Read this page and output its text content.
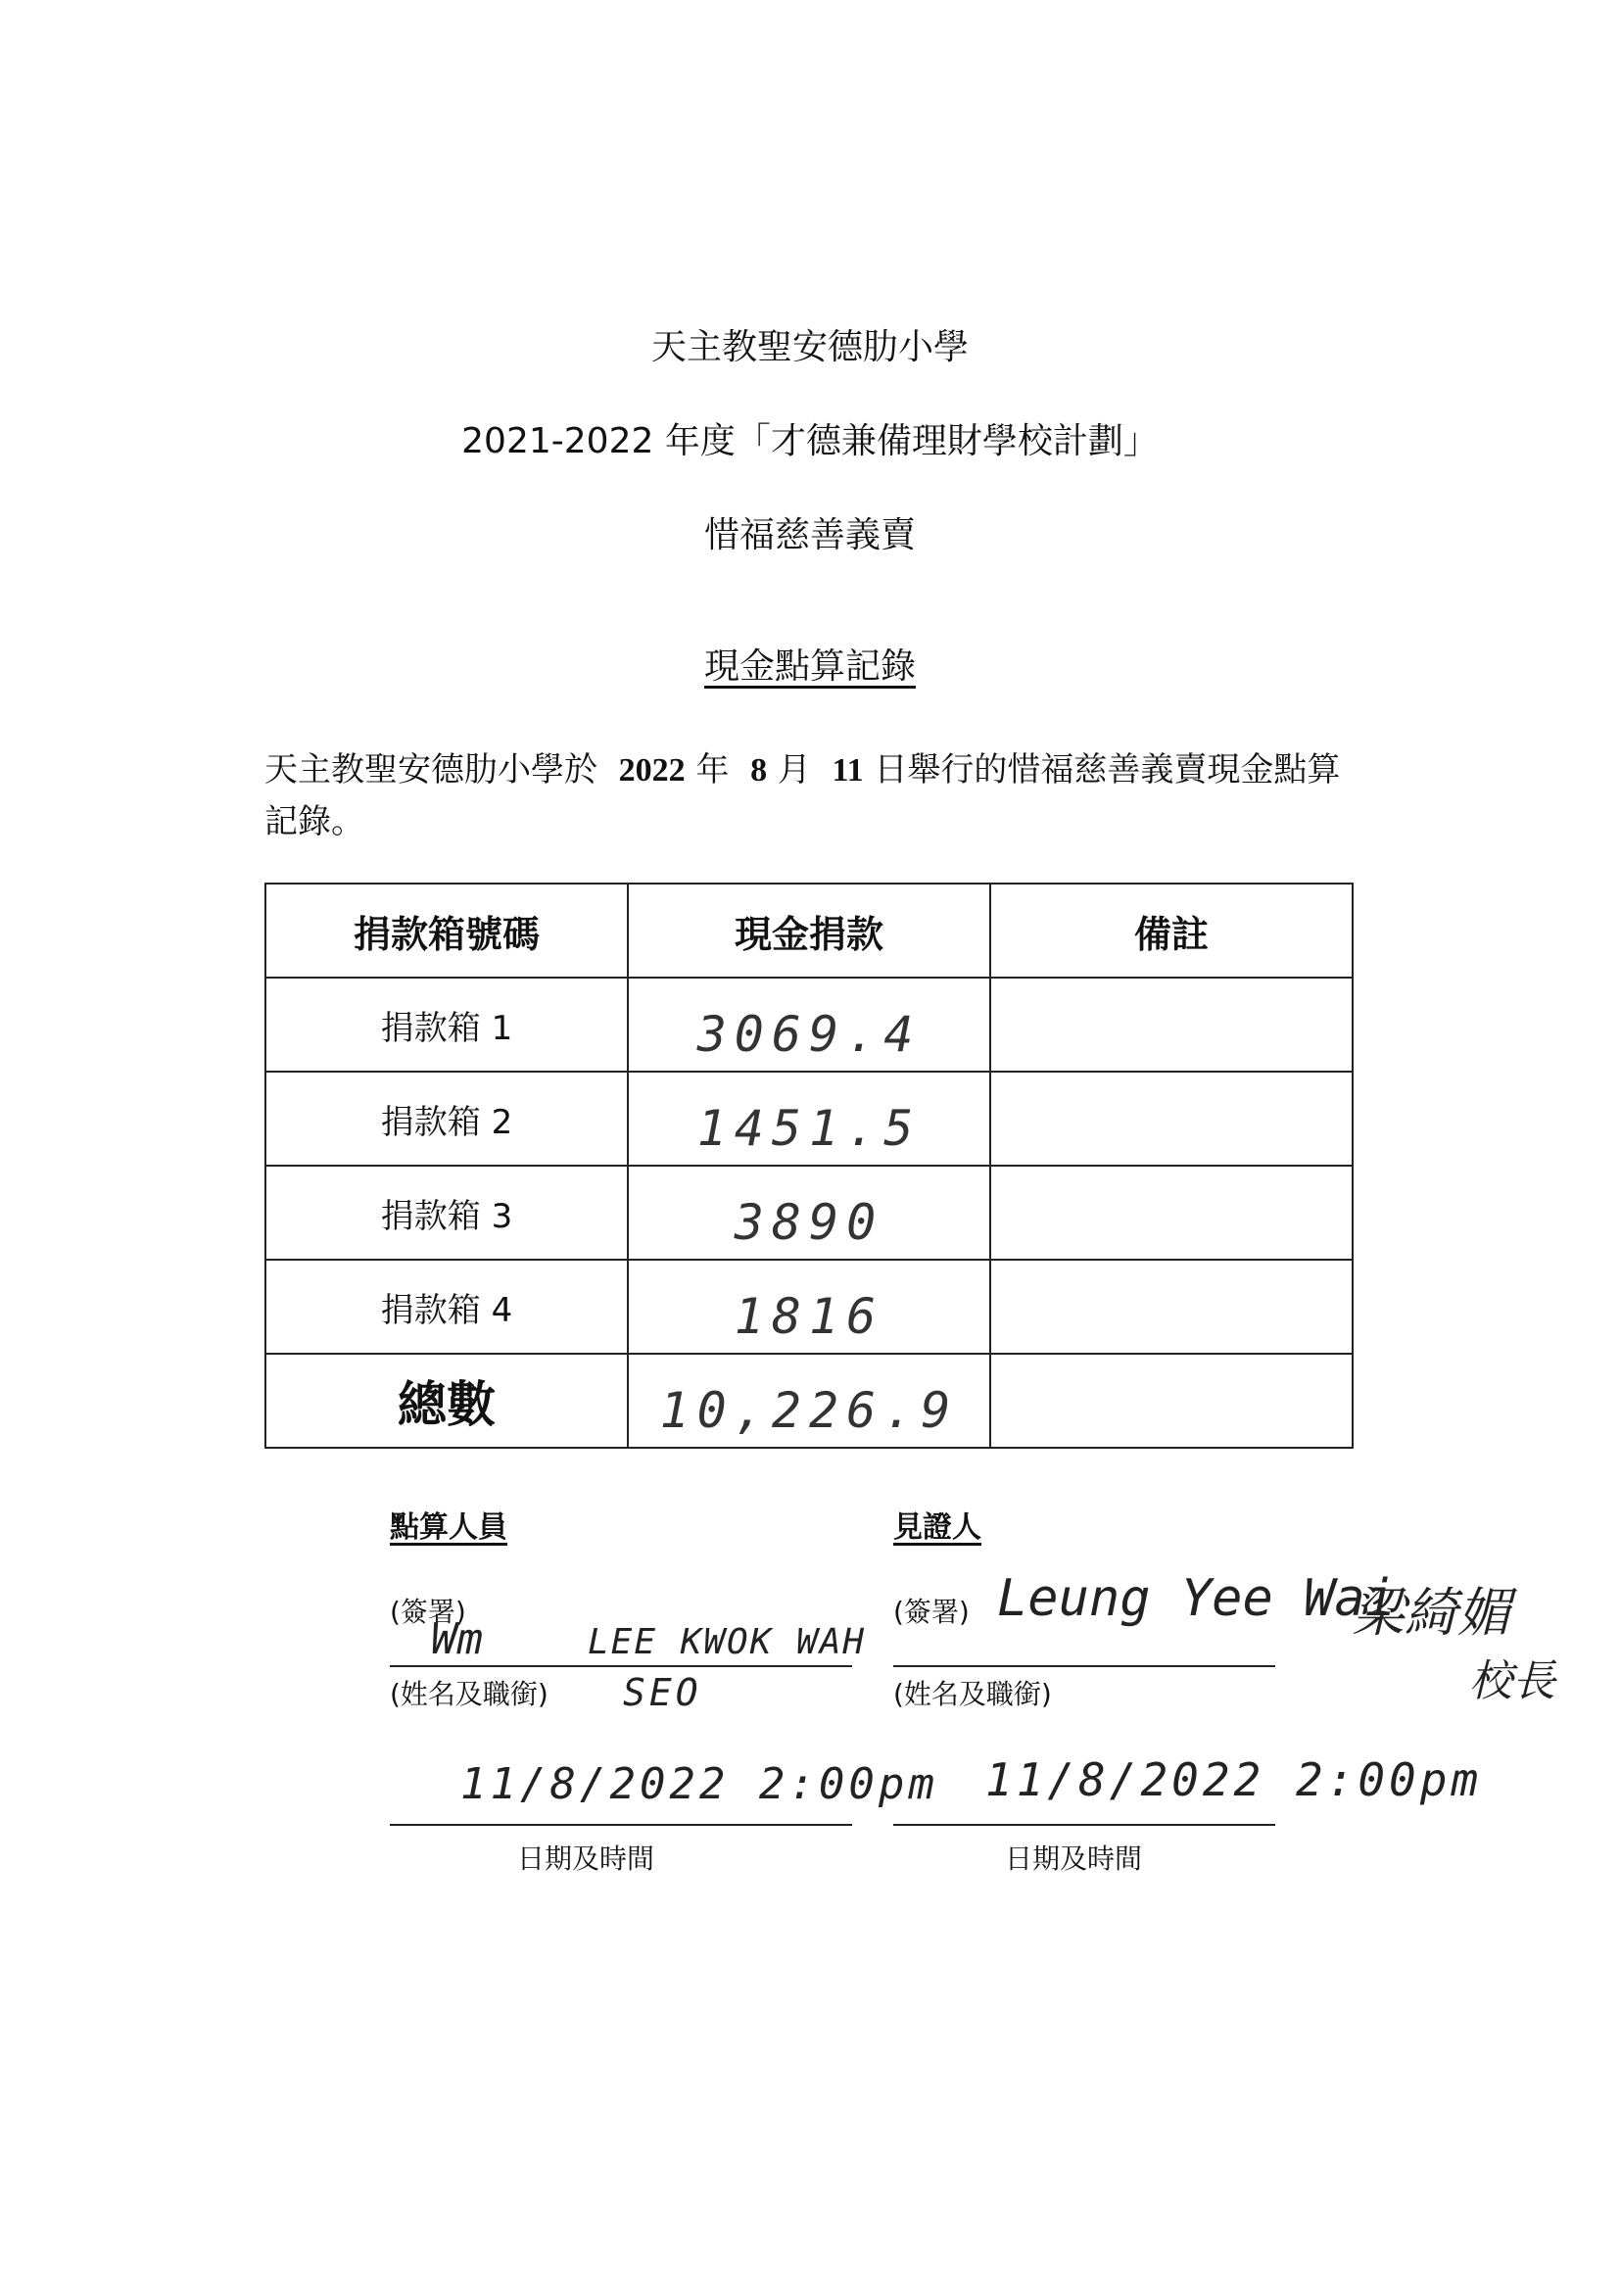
天主教聖安德肋小學
2021-2022 年度「才德兼備理財學校計劃」
惜福慈善義賣
現金點算記錄
天主教聖安德肋小學於 2022 年 8 月 11 日舉行的惜福慈善義賣現金點算記錄。
捐款箱號碼	現金捐款	備註
捐款箱 1	3069.4	
捐款箱 2	1451.5	
捐款箱 3	3890	
捐款箱 4	1816	
總數	10,226.9	
點算人員
(簽署)
Wm	LEE KWOK WAH
(姓名及職銜) SEO
11/8/2022 2:00pm
日期及時間
見證人
(簽署) Leung Yee Wai
梁綺媚
校長
(姓名及職銜)
11/8/2022 2:00pm
日期及時間
